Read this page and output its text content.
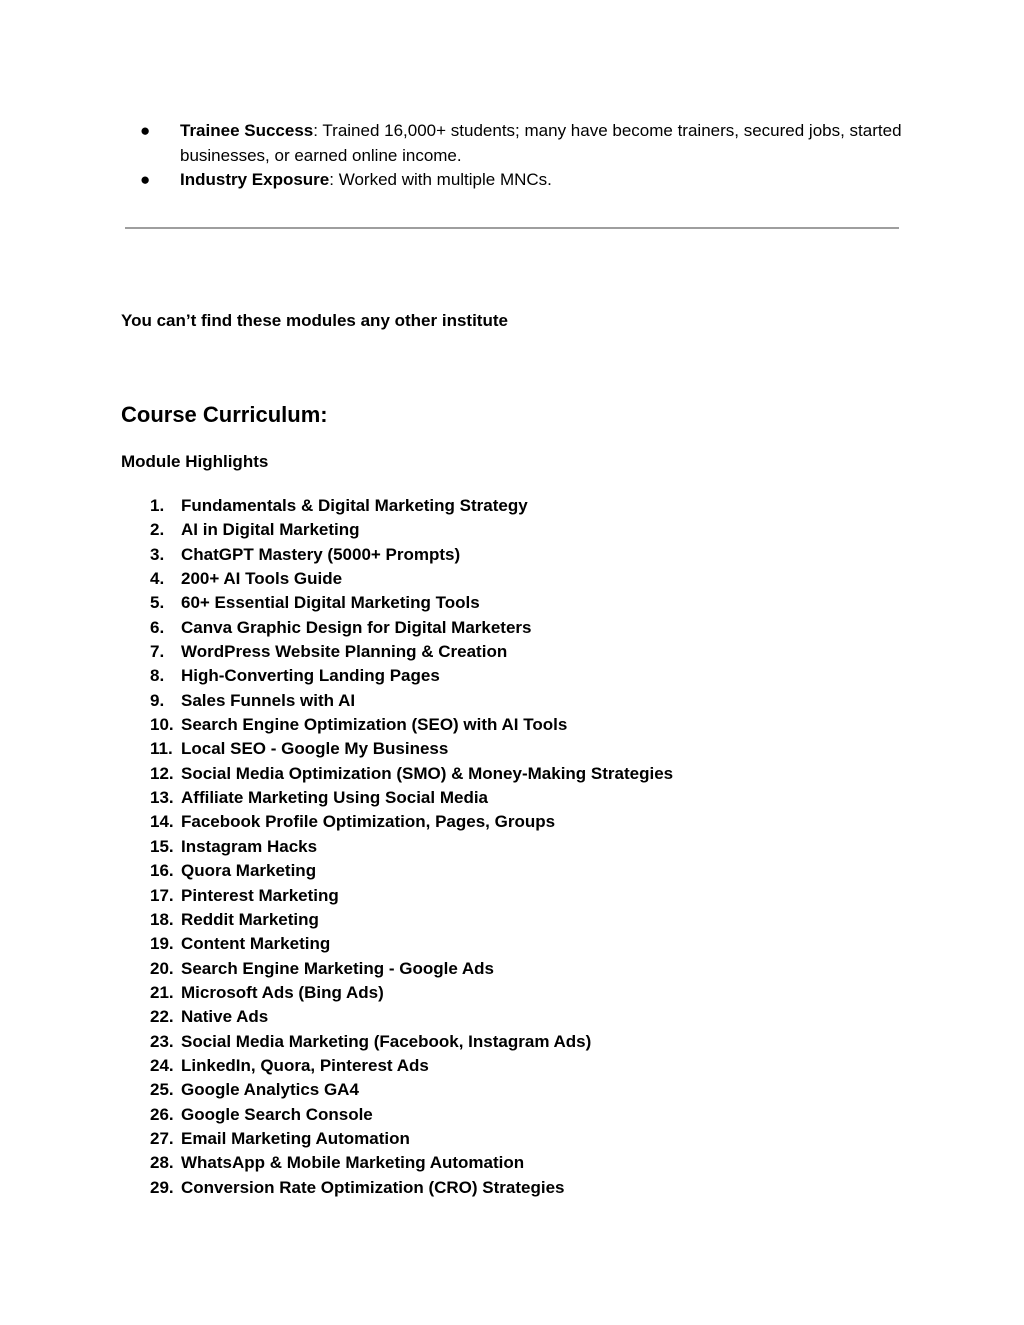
●	Trainee Success: Trained 16,000+ students; many have become trainers, secured jobs, started businesses, or earned online income.
●	Industry Exposure: Worked with multiple MNCs.

You can’t find these modules any other institute

Course Curriculum:

Module Highlights

1. Fundamentals & Digital Marketing Strategy
2. AI in Digital Marketing
3. ChatGPT Mastery (5000+ Prompts)
4. 200+ AI Tools Guide
5. 60+ Essential Digital Marketing Tools
6. Canva Graphic Design for Digital Marketers
7. WordPress Website Planning & Creation
8. High-Converting Landing Pages
9. Sales Funnels with AI
10. Search Engine Optimization (SEO) with AI Tools
11. Local SEO - Google My Business
12. Social Media Optimization (SMO) & Money-Making Strategies
13. Affiliate Marketing Using Social Media
14. Facebook Profile Optimization, Pages, Groups
15. Instagram Hacks
16. Quora Marketing
17. Pinterest Marketing
18. Reddit Marketing
19. Content Marketing
20. Search Engine Marketing - Google Ads
21. Microsoft Ads (Bing Ads)
22. Native Ads
23. Social Media Marketing (Facebook, Instagram Ads)
24. LinkedIn, Quora, Pinterest Ads
25. Google Analytics GA4
26. Google Search Console
27. Email Marketing Automation
28. WhatsApp & Mobile Marketing Automation
29. Conversion Rate Optimization (CRO) Strategies
